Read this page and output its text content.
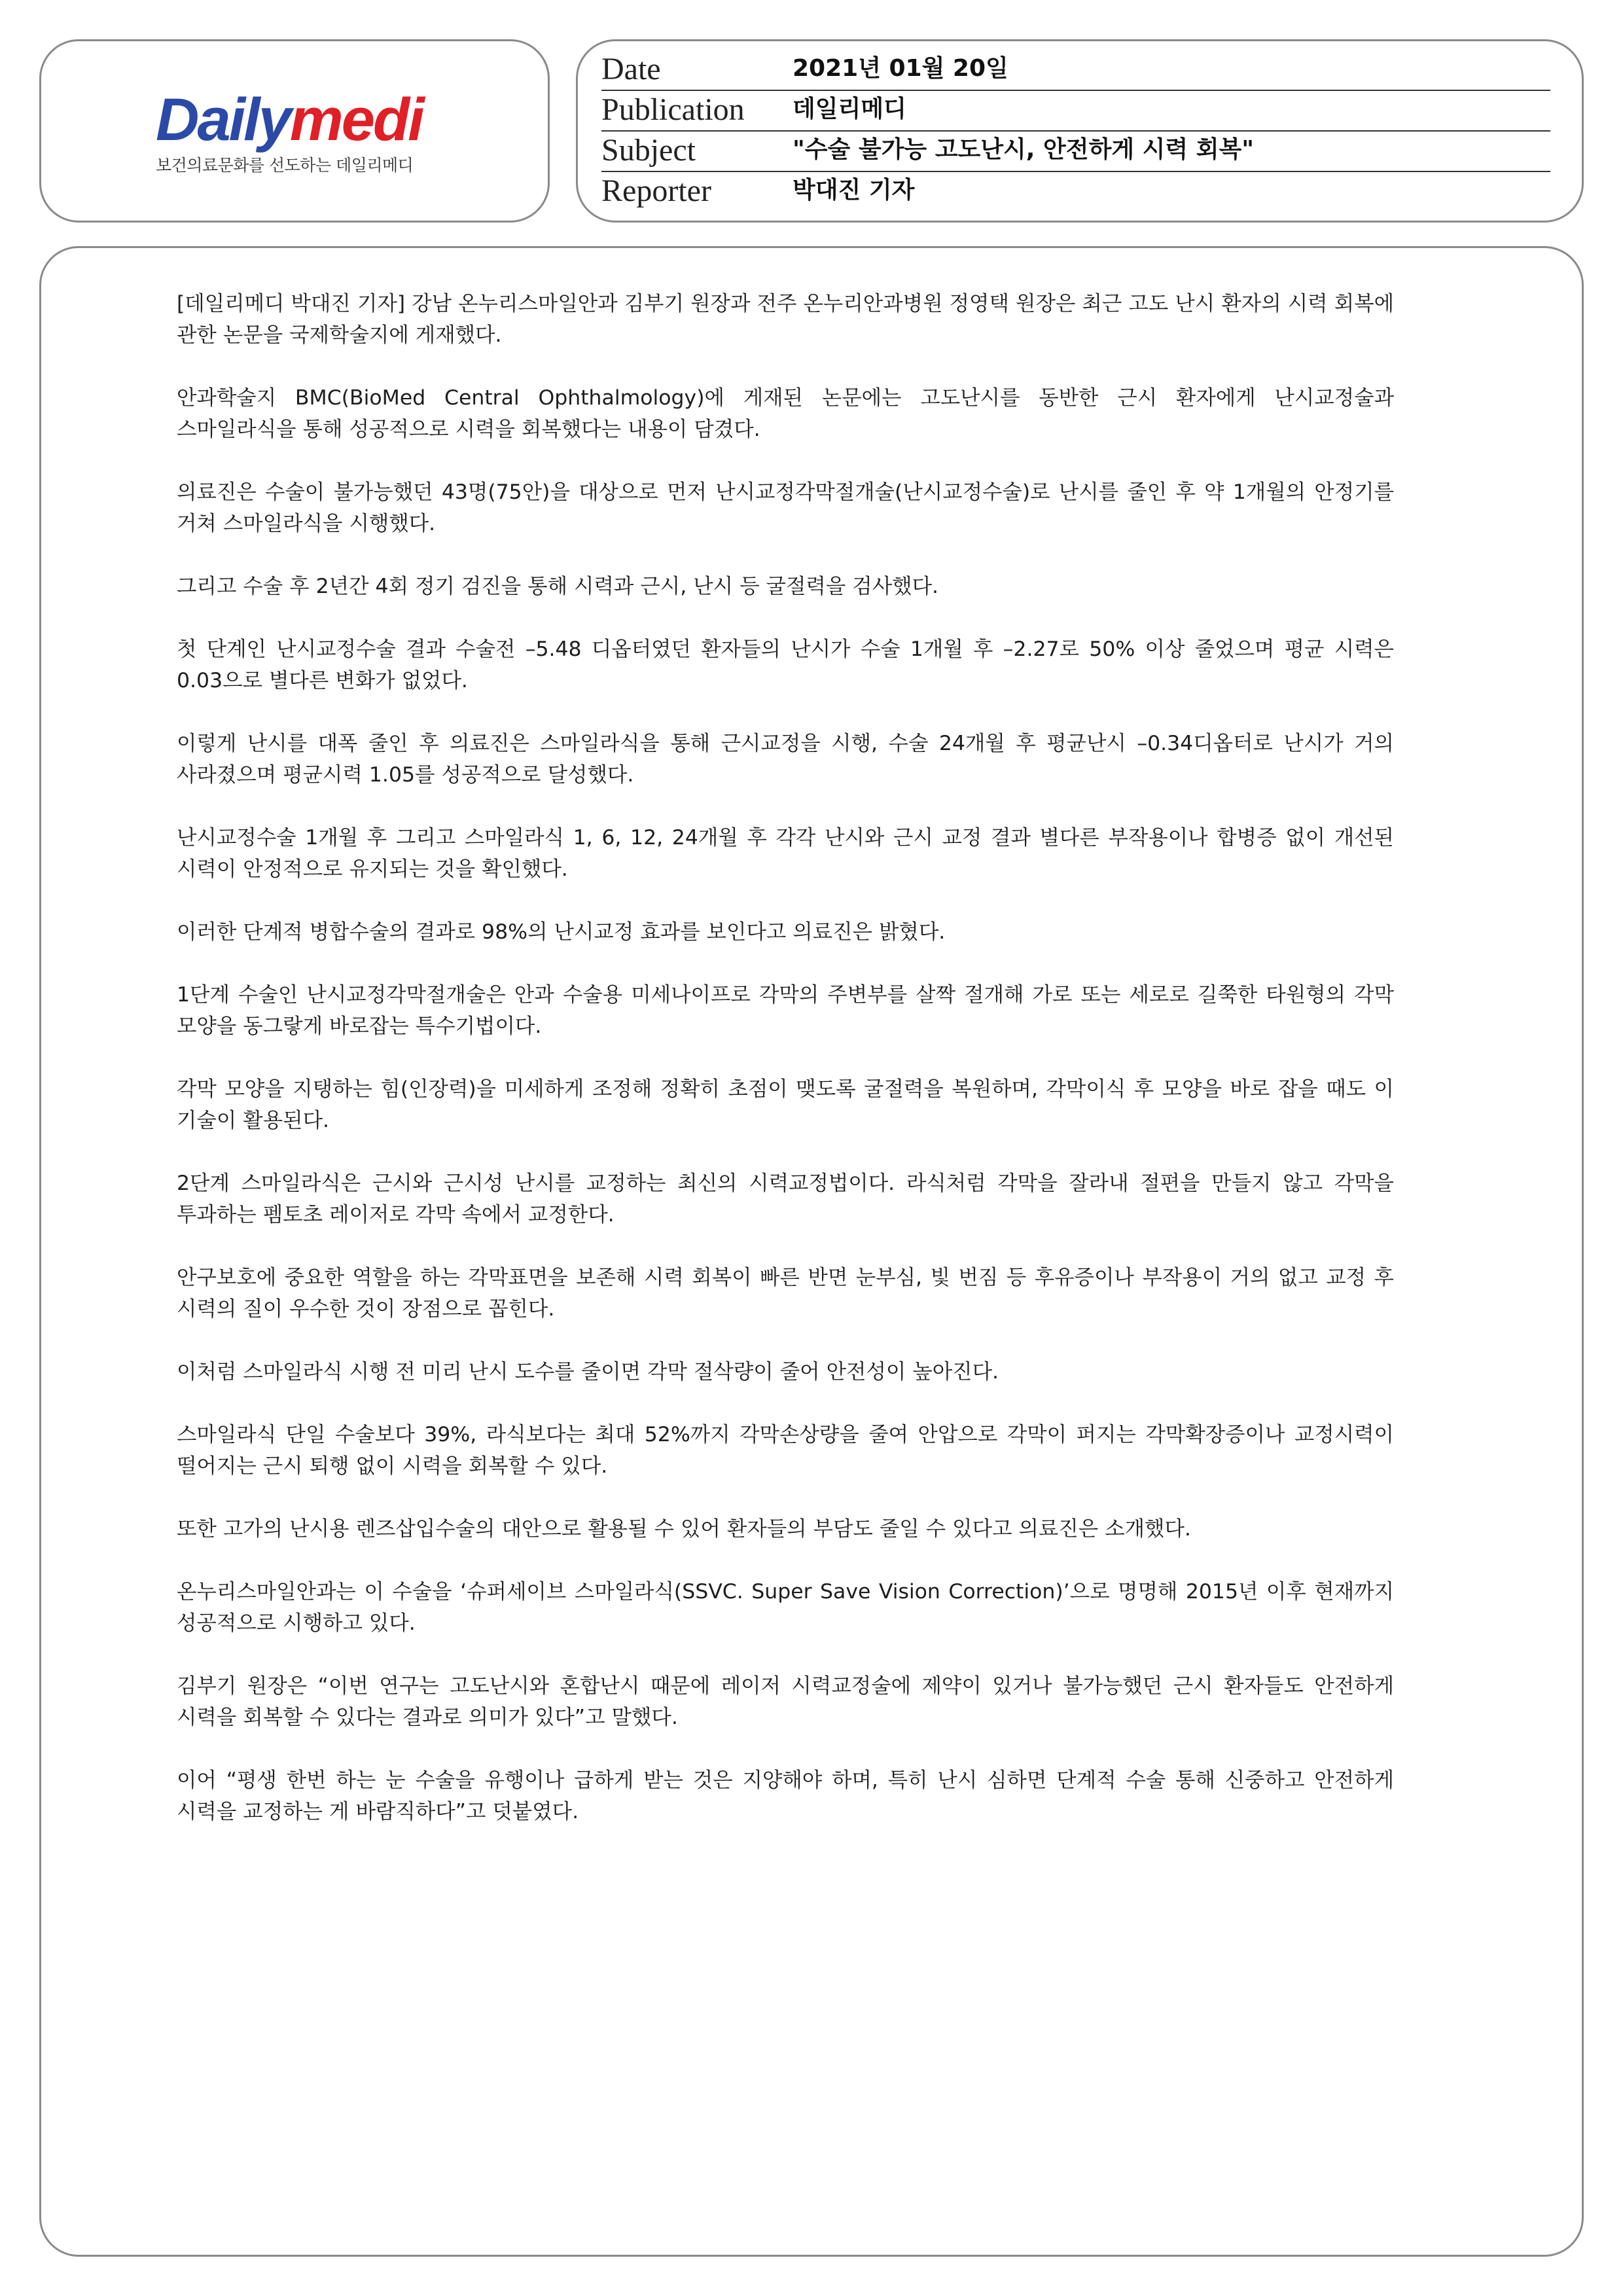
Dailymedi
보건의료문화를 선도하는 데일리메디
Date	2021년 01월 20일
Publication 데일리메디
Subject	"수술 불가능 고도난시, 안전하게 시력 회복"
Reporter	박대진 기자

[데일리메디 박대진 기자] 강남 온누리스마일안과 김부기 원장과 전주 온누리안과병원 정영택 원장은 최근 고도 난시 환자의 시력 회복에 관한 논문을 국제학술지에 게재했다.

안과학술지 BMC(BioMed Central Ophthalmology)에 게재된 논문에는 고도난시를 동반한 근시 환자에게 난시교정술과 스마일라식을 통해 성공적으로 시력을 회복했다는 내용이 담겼다.

의료진은 수술이 불가능했던 43명(75안)을 대상으로 먼저 난시교정각막절개술(난시교정수술)로 난시를 줄인 후 약 1개월의 안정기를 거쳐 스마일라식을 시행했다.

그리고 수술 후 2년간 4회 정기 검진을 통해 시력과 근시, 난시 등 굴절력을 검사했다.

첫 단계인 난시교정수술 결과 수술전 –5.48 디옵터였던 환자들의 난시가 수술 1개월 후 –2.27로 50% 이상 줄었으며 평균 시력은 0.03으로 별다른 변화가 없었다.

이렇게 난시를 대폭 줄인 후 의료진은 스마일라식을 통해 근시교정을 시행, 수술 24개월 후 평균난시 –0.34디옵터로 난시가 거의 사라졌으며 평균시력 1.05를 성공적으로 달성했다.

난시교정수술 1개월 후 그리고 스마일라식 1, 6, 12, 24개월 후 각각 난시와 근시 교정 결과 별다른 부작용이나 합병증 없이 개선된 시력이 안정적으로 유지되는 것을 확인했다.

이러한 단계적 병합수술의 결과로 98%의 난시교정 효과를 보인다고 의료진은 밝혔다.

1단계 수술인 난시교정각막절개술은 안과 수술용 미세나이프로 각막의 주변부를 살짝 절개해 가로 또는 세로로 길쭉한 타원형의 각막 모양을 동그랗게 바로잡는 특수기법이다.

각막 모양을 지탱하는 힘(인장력)을 미세하게 조정해 정확히 초점이 맺도록 굴절력을 복원하며, 각막이식 후 모양을 바로 잡을 때도 이 기술이 활용된다.

2단계 스마일라식은 근시와 근시성 난시를 교정하는 최신의 시력교정법이다. 라식처럼 각막을 잘라내 절편을 만들지 않고 각막을 투과하는 펨토초 레이저로 각막 속에서 교정한다.

안구보호에 중요한 역할을 하는 각막표면을 보존해 시력 회복이 빠른 반면 눈부심, 빛 번짐 등 후유증이나 부작용이 거의 없고 교정 후 시력의 질이 우수한 것이 장점으로 꼽힌다.

이처럼 스마일라식 시행 전 미리 난시 도수를 줄이면 각막 절삭량이 줄어 안전성이 높아진다.

스마일라식 단일 수술보다 39%, 라식보다는 최대 52%까지 각막손상량을 줄여 안압으로 각막이 퍼지는 각막확장증이나 교정시력이 떨어지는 근시 퇴행 없이 시력을 회복할 수 있다.

또한 고가의 난시용 렌즈삽입수술의 대안으로 활용될 수 있어 환자들의 부담도 줄일 수 있다고 의료진은 소개했다.

온누리스마일안과는 이 수술을 ‘슈퍼세이브 스마일라식(SSVC. Super Save Vision Correction)’으로 명명해 2015년 이후 현재까지 성공적으로 시행하고 있다.

김부기 원장은 “이번 연구는 고도난시와 혼합난시 때문에 레이저 시력교정술에 제약이 있거나 불가능했던 근시 환자들도 안전하게 시력을 회복할 수 있다는 결과로 의미가 있다”고 말했다.

이어 “평생 한번 하는 눈 수술을 유행이나 급하게 받는 것은 지양해야 하며, 특히 난시 심하면 단계적 수술 통해 신중하고 안전하게 시력을 교정하는 게 바람직하다”고 덧붙였다.
